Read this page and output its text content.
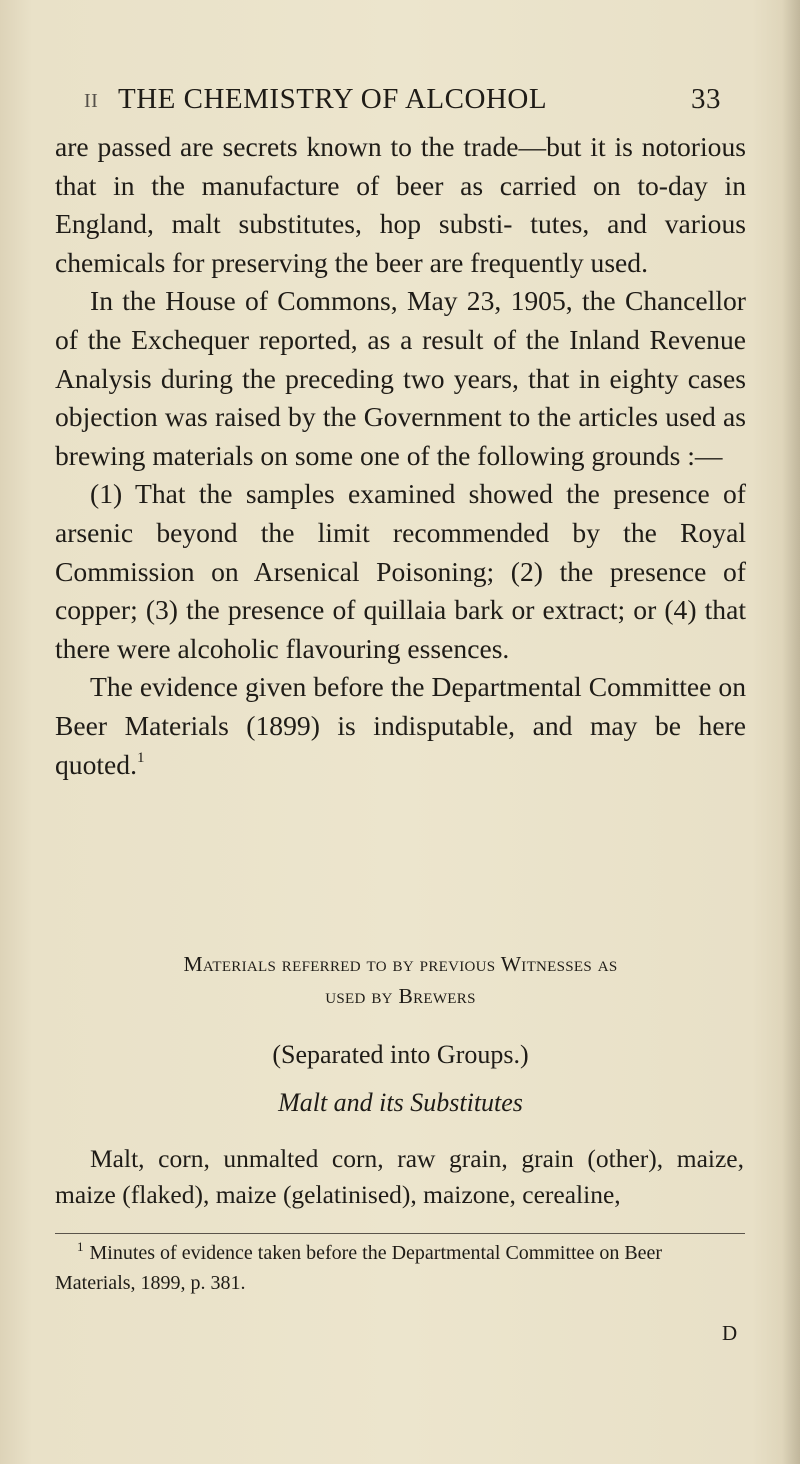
II THE CHEMISTRY OF ALCOHOL	33

are passed are secrets known to the trade—but it is notorious that in the manufacture of beer as carried on to-day in England, malt substitutes, hop substi- tutes, and various chemicals for preserving the beer are frequently used.

In the House of Commons, May 23, 1905, the Chancellor of the Exchequer reported, as a result of the Inland Revenue Analysis during the preceding two years, that in eighty cases objection was raised by the Government to the articles used as brewing materials on some one of the following grounds :—

(1) That the samples examined showed the presence of arsenic beyond the limit recommended by the Royal Commission on Arsenical Poisoning; (2) the presence of copper; (3) the presence of quillaia bark or extract; or (4) that there were alcoholic flavouring essences.

The evidence given before the Departmental Committee on Beer Materials (1899) is indisputable, and may be here quoted.$^1$

Materials referred to by previous Witnesses as
used by Brewers
(Separated into Groups.)
Malt and its Substitutes
Malt, corn, unmalted corn, raw grain, grain (other), maize, maize (flaked), maize (gelatinised), maizone, cerealine,
$^1$ Minutes of evidence taken before the Departmental Committee on Beer Materials, 1899, p. 381.
D
